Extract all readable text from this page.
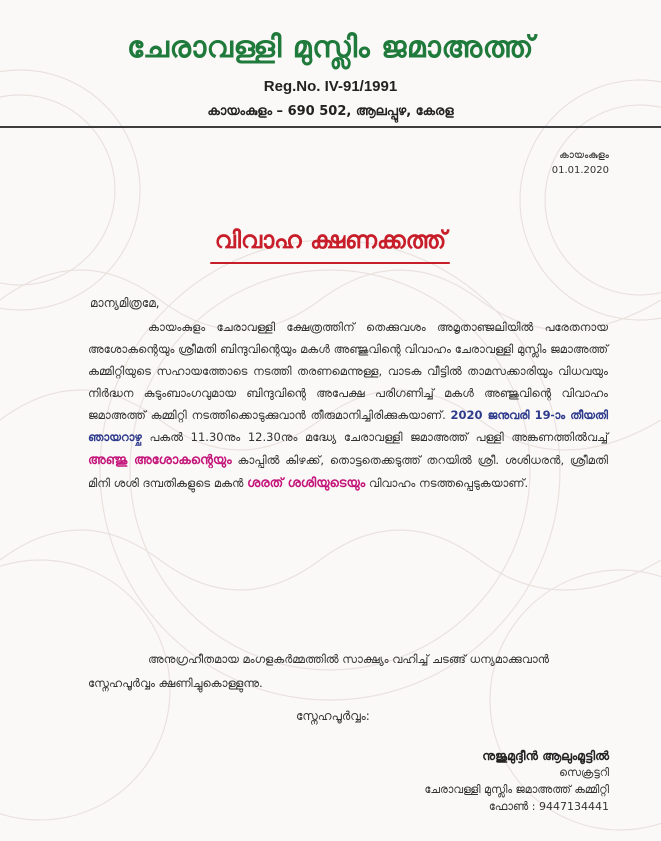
ചേരാവള്ളി മുസ്ലിം ജമാഅത്ത്
Reg.No. IV-91/1991
കായംകുളം – 690 502, ആലപ്പുഴ, കേരള
കായംകുളം
01.01.2020
വിവാഹ ക്ഷണക്കത്ത്
മാന്യമിത്രമേ,
കായംകുളം ചേരാവള്ളി ക്ഷേത്രത്തിന് തെക്കുവശം അമൃതാഞ്ജലിയിൽ പരേതനായ അശോകന്റെയും ശ്രീമതി ബിന്ദുവിന്റെയും മകൾ അഞ്ജുവിന്റെ വിവാഹം ചേരാവള്ളി മുസ്ലിം ജമാഅത്ത് കമ്മിറ്റിയുടെ സഹായത്തോടെ നടത്തി തരണമെന്നുള്ള, വാടക വീട്ടിൽ താമസക്കാരിയും വിധവയും നിർദ്ധന കുടുംബാംഗവുമായ ബിന്ദുവിന്റെ അപേക്ഷ പരിഗണിച്ച് മകൾ അഞ്ജുവിന്റെ വിവാഹം ജമാഅത്ത് കമ്മിറ്റി നടത്തിക്കൊടുക്കുവാൻ തീരുമാനിച്ചിരിക്കുകയാണ്. 2020 ജനുവരി 19-ാം തീയതി ഞായറാഴ്ച പകൽ 11.30നും 12.30നും മദ്ധ്യേ ചേരാവള്ളി ജമാഅത്ത് പള്ളി അങ്കണത്തിൽവച്ച് അഞ്ജു അശോകന്റെയും കാപ്പിൽ കിഴക്ക്, തൊട്ടതെക്കടുത്ത് തറയിൽ ശ്രീ. ശശിധരൻ, ശ്രീമതി മിനി ശശി ദമ്പതികളുടെ മകൻ ശരത് ശശിയുടെയും വിവാഹം നടത്തപ്പെടുകയാണ്.
അനുഗ്രഹീതമായ മംഗളകർമ്മത്തിൽ സാക്ഷ്യം വഹിച്ച് ചടങ്ങ് ധന്യമാക്കുവാൻ സ്നേഹപൂർവ്വം ക്ഷണിച്ചുകൊള്ളുന്നു.
സ്നേഹപൂർവ്വം:
നുജുമുദ്ദീൻ ആലുംമൂട്ടിൽ
സെക്രട്ടറി
ചേരാവള്ളി മുസ്ലിം ജമാഅത്ത് കമ്മിറ്റി
ഫോൺ : 9447134441
